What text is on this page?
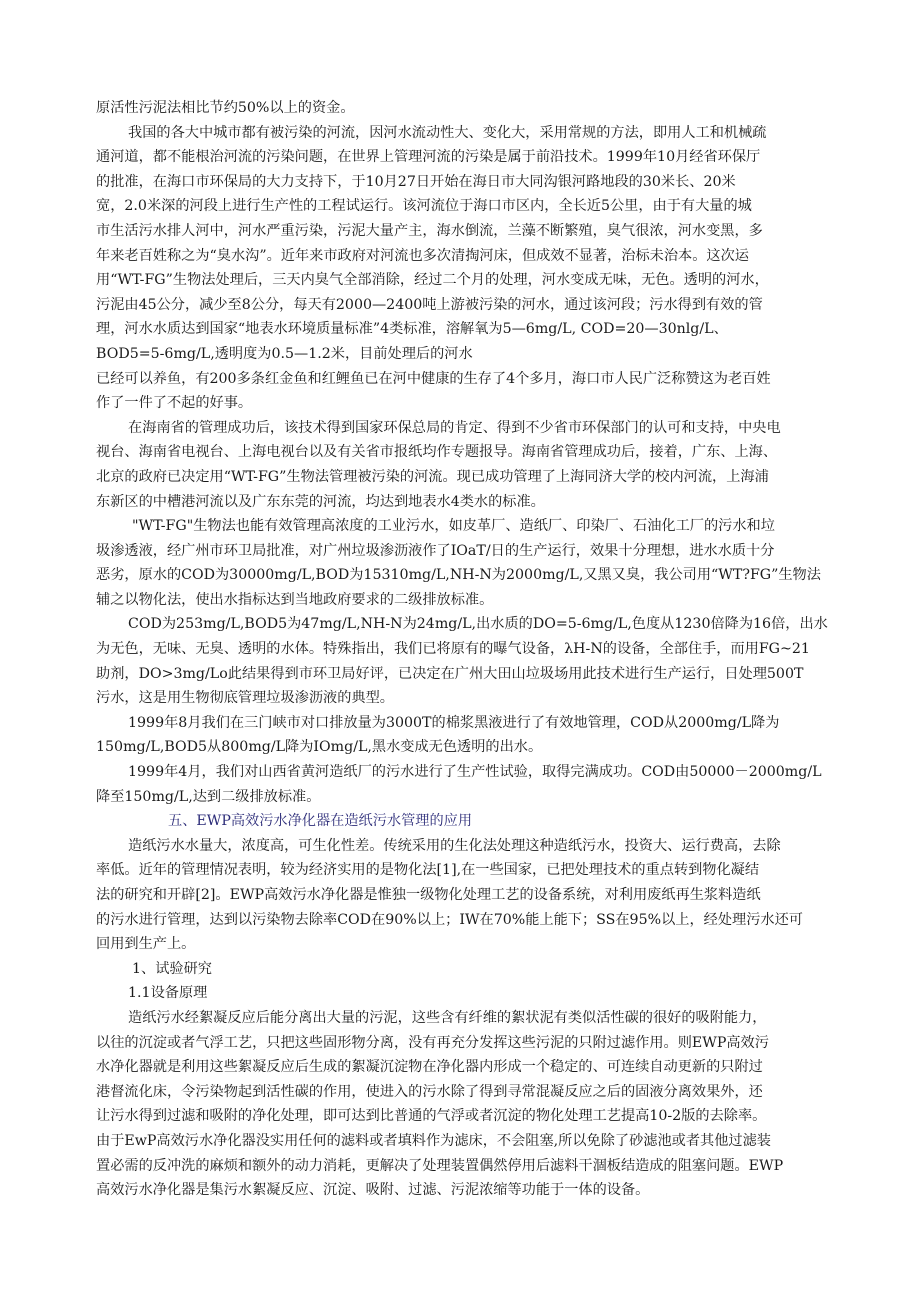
原活性污泥法相比节约50%以上的资金。
我国的各大中城市都有被污染的河流，因河水流动性大、变化大，采用常规的方法，即用人工和机械疏
通河道，都不能根治河流的污染问题，在世界上管理河流的污染是属于前沿技术。1999年10月经省环保厅
的批准，在海口市环保局的大力支持下，于10月27日开始在海日市大同沟银河路地段的30米长、20米
宽，2.0米深的河段上进行生产性的工程试运行。该河流位于海口市区内，全长近5公里，由于有大量的城
市生活污水排人河中，河水严重污染，污泥大量产主，海水倒流，兰藻不断繁殖，臭气很浓，河水变黑，多
年来老百姓称之为“臭水沟”。近年来市政府对河流也多次清掏河床，但成效不显著，治标未治本。这次运
用“WT-FG”生物法处理后，三天内臭气全部消除，经过二个月的处理，河水变成无味，无色。透明的河水，
污泥由45公分，减少至8公分，每天有2000—2400吨上游被污染的河水，通过该河段；污水得到有效的管
理，河水水质达到国家“地表水环境质量标准”4类标准，溶解氧为5—6mg/L, COD=20—30nlg/L、
BOD5=5-6mg/L,透明度为0.5—1.2米，目前处理后的河水
已经可以养鱼，有200多条红金鱼和红鲤鱼已在河中健康的生存了4个多月，海口市人民广泛称赞这为老百姓
作了一件了不起的好事。
在海南省的管理成功后，该技术得到国家环保总局的肯定、得到不少省市环保部门的认可和支持，中央电
视台、海南省电视台、上海电视台以及有关省市报纸均作专题报导。海南省管理成功后，接着，广东、上海、
北京的政府已决定用“WT-FG”生物法管理被污染的河流。现已成功管理了上海同济大学的校内河流，上海浦
东新区的中槽港河流以及广东东莞的河流，均达到地表水4类水的标准。
"WT-FG"生物法也能有效管理高浓度的工业污水，如皮革厂、造纸厂、印染厂、石油化工厂的污水和垃
圾渗透液，经广州市环卫局批准，对广州垃圾渗沥液作了IOaT/日的生产运行，效果十分理想，进水水质十分
恶劣，原水的COD为30000mg/L,BOD为15310mg/L,NH-N为2000mg/L,又黑又臭，我公司用“WT?FG”生物法
辅之以物化法，使出水指标达到当地政府要求的二级排放标准。
COD为253mg/L,BOD5为47mg/L,NH-N为24mg/L,出水质的DO=5-6mg/L,色度从1230倍降为16倍，出水
为无色，无味、无臭、透明的水体。特殊指出，我们已将原有的曝气设备，λH-N的设备，全部住手，而用FG~21
助剂，DO>3mg/Lo此结果得到市环卫局好评，已决定在广州大田山垃圾场用此技术进行生产运行，日处理500T
污水，这是用生物彻底管理垃圾渗沥液的典型。
1999年8月我们在三门峡市对口排放量为3000T的棉浆黑液进行了有效地管理，COD从2000mg/L降为
150mg/L,BOD5从800mg/L降为IOmg/L,黑水变成无色透明的出水。
1999年4月，我们对山西省黄河造纸厂的污水进行了生产性试验，取得完满成功。COD由50000－2000mg/L
降至150mg/L,达到二级排放标准。
五、EWP高效污水净化器在造纸污水管理的应用
造纸污水水量大，浓度高，可生化性差。传统采用的生化法处理这种造纸污水，投资大、运行费高，去除
率低。近年的管理情况表明，较为经济实用的是物化法[1],在一些国家，已把处理技术的重点转到物化凝结
法的研究和开辟[2]。EWP高效污水净化器是惟独一级物化处理工艺的设备系统，对利用废纸再生浆料造纸
的污水进行管理，达到以污染物去除率COD在90%以上；IW在70%能上能下；SS在95%以上，经处理污水还可
回用到生产上。
1、试验研究
1.1设备原理
造纸污水经絮凝反应后能分离出大量的污泥，这些含有纤维的絮状泥有类似活性碳的很好的吸附能力，
以往的沉淀或者气浮工艺，只把这些固形物分离，没有再充分发挥这些污泥的只附过滤作用。则EWP高效污
水净化器就是利用这些絮凝反应后生成的絮凝沉淀物在净化器内形成一个稳定的、可连续自动更新的只附过
港督流化床，令污染物起到活性碳的作用，使进入的污水除了得到寻常混凝反应之后的固液分离效果外，还
让污水得到过滤和吸附的净化处理，即可达到比普通的气浮或者沉淀的物化处理工艺提高10-2版的去除率。
由于EwP高效污水净化器没实用任何的滤料或者填料作为滤床，不会阻塞,所以免除了砂滤池或者其他过滤装
置必需的反冲洗的麻烦和额外的动力消耗，更解决了处理装置偶然停用后滤料干涸板结造成的阻塞问题。EWP
高效污水净化器是集污水絮凝反应、沉淀、吸附、过滤、污泥浓缩等功能于一体的设备。
